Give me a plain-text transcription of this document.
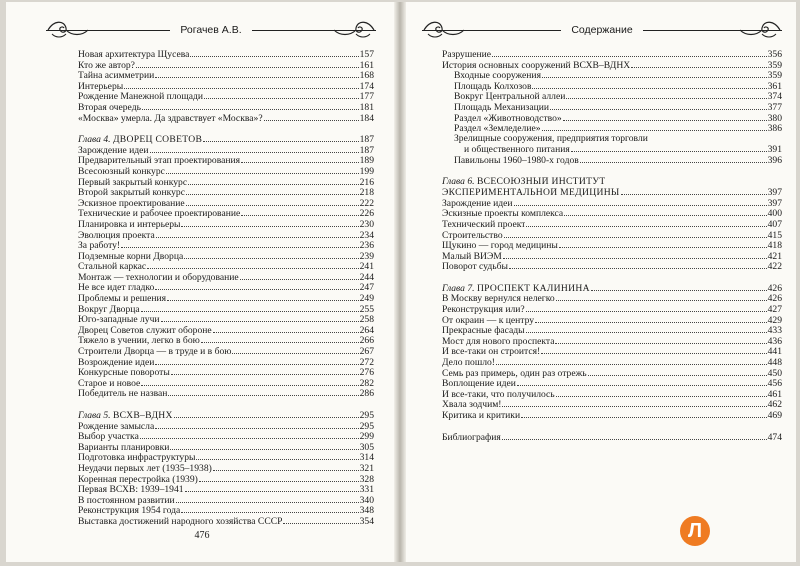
Рогачев А.В.
Новая архитектура Щусева	157
Кто же автор?	161
Тайна асимметрии	168
Интерьеры	174
Рождение Манежной площади	177
Вторая очередь	181
«Москва» умерла. Да здравствует «Москва»?	184
Глава 4. ДВОРЕЦ СОВЕТОВ	187
Зарождение идеи	187
Предварительный этап проектирования	189
Всесоюзный конкурс	199
Первый закрытый конкурс	216
Второй закрытый конкурс	218
Эскизное проектирование	222
Технические и рабочее проектирование	226
Планировка и интерьеры	230
Эволюция проекта	234
За работу!	236
Подземные корни Дворца	239
Стальной каркас	241
Монтаж — технологии и оборудование	244
Не все идет гладко	247
Проблемы и решения	249
Вокруг Дворца	255
Юго-западные лучи	258
Дворец Советов служит обороне	264
Тяжело в учении, легко в бою	266
Строители Дворца — в труде и в бою	267
Возрождение идеи	272
Конкурсные повороты	276
Старое и новое	282
Победитель не назван	286
Глава 5. ВСХВ–ВДНХ	295
Рождение замысла	295
Выбор участка	299
Варианты планировки	305
Подготовка инфраструктуры	314
Неудачи первых лет (1935–1938)	321
Коренная перестройка (1939)	328
Первая ВСХВ: 1939–1941	331
В постоянном развитии	340
Реконструкция 1954 года	348
Выставка достижений народного хозяйства СССР	354
476
Содержание
Разрушение	356
История основных сооружений ВСХВ–ВДНХ	359
Входные сооружения	359
Площадь Колхозов	361
Вокруг Центральной аллеи	374
Площадь Механизации	377
Раздел «Животноводство»	380
Раздел «Земледелие»	386
Зрелищные сооружения, предприятия торговли
и общественного питания	391
Павильоны 1960–1980-х годов	396
Глава 6. ВСЕСОЮЗНЫЙ ИНСТИТУТ
ЭКСПЕРИМЕНТАЛЬНОЙ МЕДИЦИНЫ	397
Зарождение идеи	397
Эскизные проекты комплекса	400
Технический проект	407
Строительство	415
Щукино — город медицины	418
Малый ВИЭМ	421
Поворот судьбы	422
Глава 7. ПРОСПЕКТ КАЛИНИНА	426
В Москву вернулся нелегко	426
Реконструкция или?	427
От окраин — к центру	429
Прекрасные фасады	433
Мост для нового проспекта	436
И все-таки он строится!	441
Дело пошло!	448
Семь раз примерь, один раз отрежь	450
Воплощение идеи	456
И все-таки, что получилось	461
Хвала зодчим!	462
Критика и критики	469
Библиография	474
Л
